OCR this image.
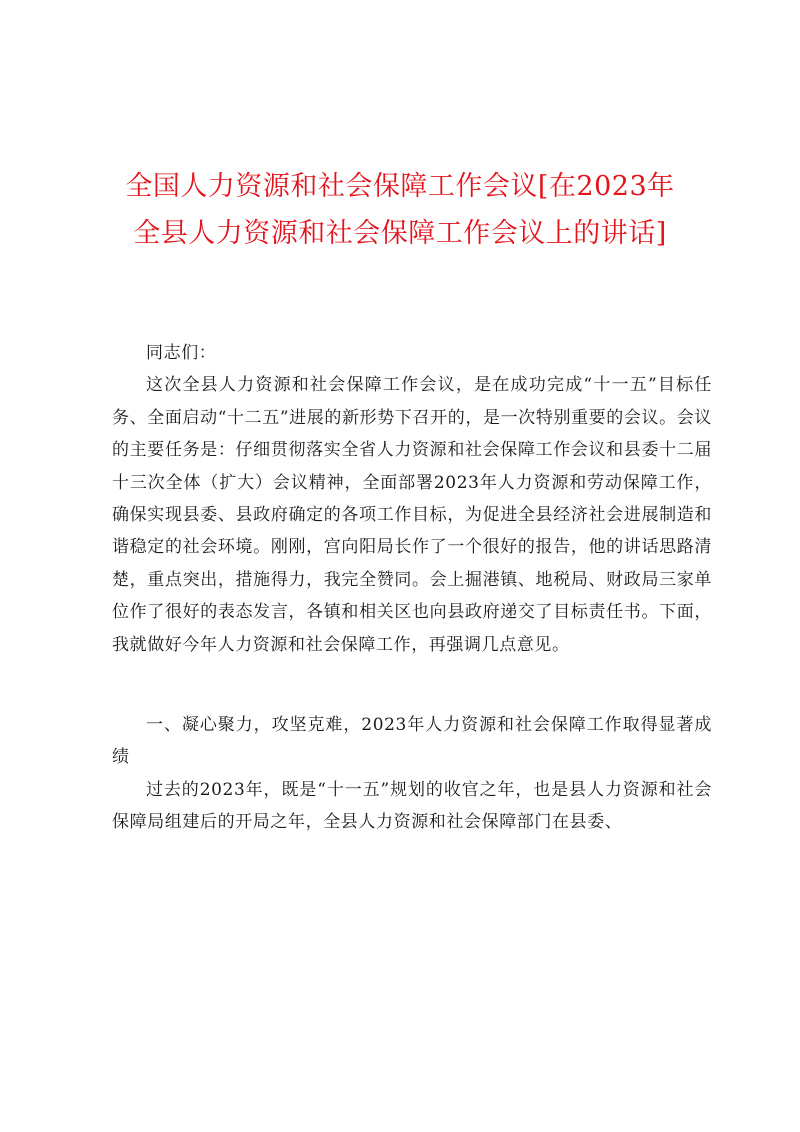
全国人力资源和社会保障工作会议[在2023年
全县人力资源和社会保障工作会议上的讲话]

同志们：

这次全县人力资源和社会保障工作会议，是在成功完成“十一五”目标任务、全面启动“十二五”进展的新形势下召开的，是一次特别重要的会议。会议的主要任务是：仔细贯彻落实全省人力资源和社会保障工作会议和县委十二届十三次全体（扩大）会议精神，全面部署2023年人力资源和劳动保障工作，确保实现县委、县政府确定的各项工作目标，为促进全县经济社会进展制造和谐稳定的社会环境。刚刚，宫向阳局长作了一个很好的报告，他的讲话思路清楚，重点突出，措施得力，我完全赞同。会上掘港镇、地税局、财政局三家单位作了很好的表态发言，各镇和相关区也向县政府递交了目标责任书。下面，我就做好今年人力资源和社会保障工作，再强调几点意见。

一、凝心聚力，攻坚克难，2023年人力资源和社会保障工作取得显著成绩

过去的2023年，既是“十一五”规划的收官之年，也是县人力资源和社会保障局组建后的开局之年，全县人力资源和社会保障部门在县委、
